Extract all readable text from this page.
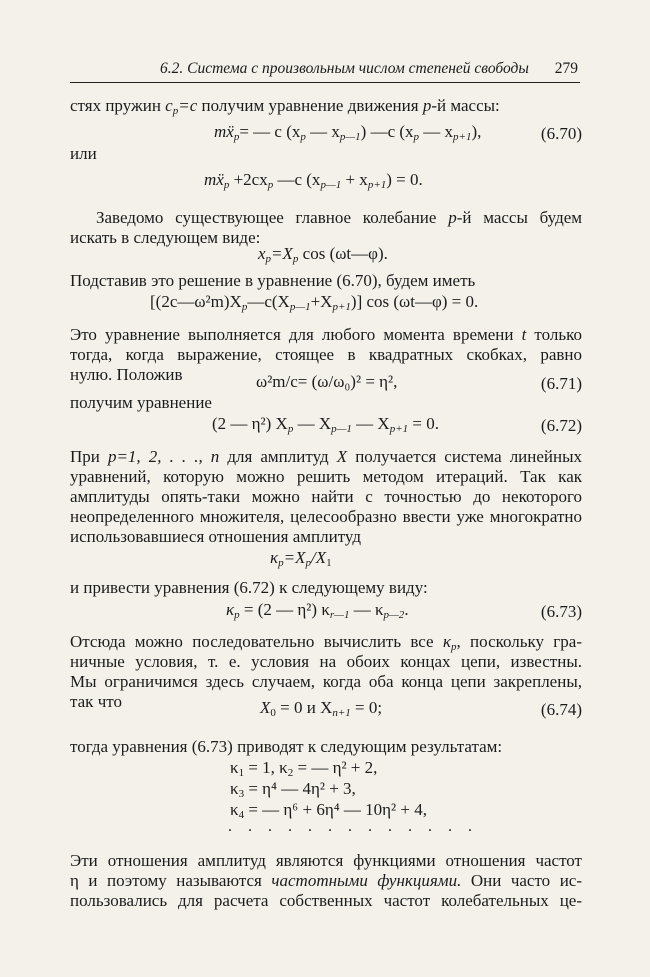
6.2. Система с произвольным числом степеней свободы 279
стях пружин $c_p=c$ получим уравнение движения p-й массы:
mẍ$_p$= — c ($x_p$ — $x_{p—1}$) —c ($x_p$ — $x_{p+1}$),	(6.70)
или
mẍ$_p$ $+2cx_p$ —c $(x_{p—1} + x_{p+1}) = 0$.
Заведомо существующее главное колебание p-й массы будем
искать в следующем виде:
$x_p=X_p$ cos (ωt—φ).
Подставив это решение в уравнение (6.70), будем иметь
$[(2c—\omega^2m)X_p—c(X_{p—1}+X_{p+1})]$ cos (ωt—φ) = 0.
Это уравнение выполняется для любого момента времени t только
тогда, когда выражение, стоящее в квадратных скобках, равно
нулю. Положив	ω²m/c= (ω/ω₀)² = η²,	(6.71)
получим уравнение
(2 — η²) $X_p$ — $X_{p—1}$ — $X_{p+1} = 0$.	(6.72)
При p=1, 2, . . ., n для амплитуд X получается система линейных
уравнений, которую можно решить методом итераций. Так как
амплитуды опять-таки можно найти с точностью до некоторого
неопределенного множителя, целесообразно ввести уже многократно
использовавшиеся отношения амплитуд
$\kappa_p=X_p/X_1$
и привести уравнения (6.72) к следующему виду:
$\kappa_p = (2$ — η²) $\kappa_{r—1}$ — $\kappa_{p—2}$.	(6.73)
Отсюда можно последовательно вычислить все $\kappa_p$, поскольку гра-
ничные условия, т. е. условия на обоих концах цепи, известны.
Мы ограничимся здесь случаем, когда оба конца цепи закреплены,
так что	$X_0 = 0$ и $X_{n+1} = 0$;	(6.74)
тогда уравнения (6.73) приводят к следующим результатам:
$\kappa_1 = 1$, $\kappa_2$ = — η² + 2,
$\kappa_3 = \eta^4$ — 4η² + 3,
$\kappa_4$ = — η⁶ + 6η⁴ — 10η² + 4,
. . . . . . . . . . . . .
Эти отношения амплитуд являются функциями отношения частот
η и поэтому называются частотными функциями. Они часто ис-
пользовались для расчета собственных частот колебательных це-
